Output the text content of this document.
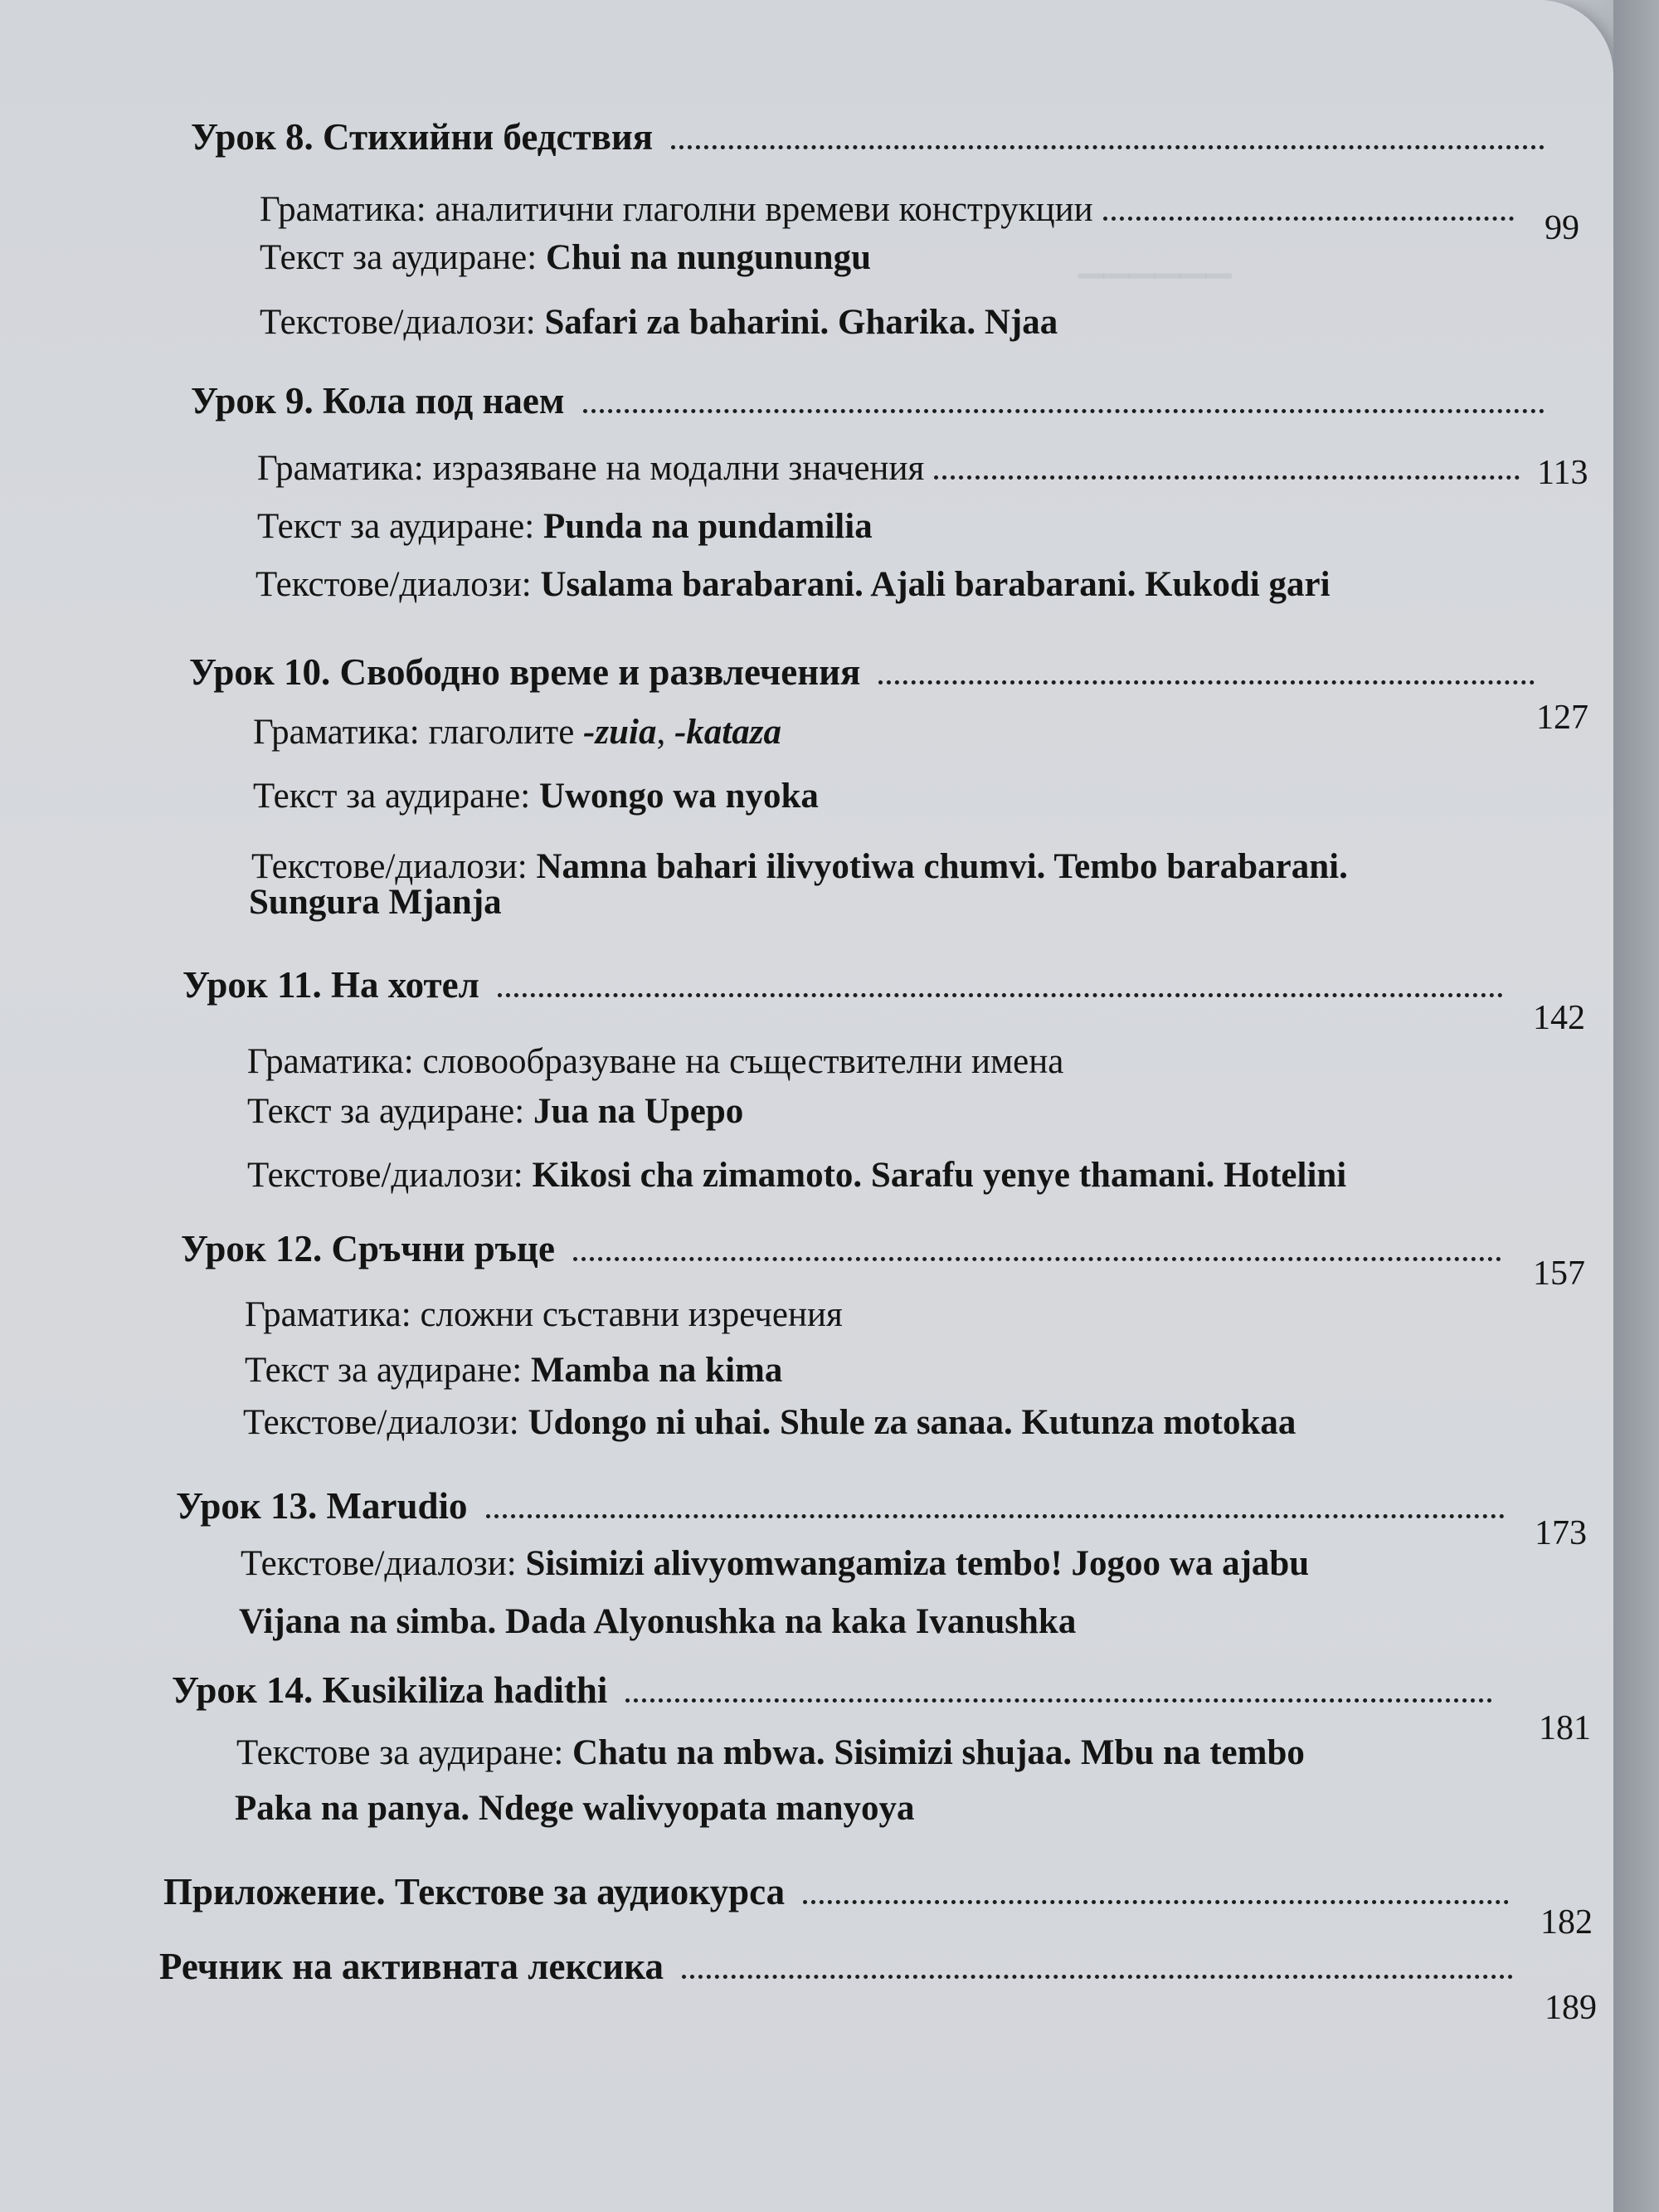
▔▔▔▔▔▔
Урок 8. Стихийни бедствия
Граматика:
аналитични глаголни времеви конструкции	99
Текст за аудиране: Chui na nungunungu
Текстове/диалози: Safari za baharini. Gharika. Njaa
Урок 9. Кола под наем
Граматика:
изразяване на модални значения	113
Текст за аудиране: Punda na pundamilia
Текстове/диалози: Usalama barabarani. Ajali barabarani. Kukodi gari
Урок 10. Свободно време и развлечения
127
Граматика: глаголите -zuia, -kataza
Текст за аудиране: Uwongo wa nyoka
Текстове/диалози: Namna bahari ilivyotiwa chumvi. Tembo barabarani.
Sungura Mjanja
Урок 11. На хотел
142
Граматика: словообразуване на съществителни имена
Текст за аудиране: Jua na Upepo
Текстове/диалози: Kikosi cha zimamoto. Sarafu yenye thamani. Hotelini
Урок 12. Сръчни ръце
157
Граматика: сложни съставни изречения
Текст за аудиране: Mamba na kima
Текстове/диалози: Udongo ni uhai. Shule za sanaa. Kutunza motokaa
Урок 13. Marudio
173
Текстове/диалози: Sisimizi alivyomwangamiza tembo! Jogoo wa ajabu
Vijana na simba. Dada Alyonushka na kaka Ivanushka
Урок 14. Kusikiliza hadithi
181
Текстове за аудиране: Chatu na mbwa. Sisimizi shujaa. Mbu na tembo
Paka na panya. Ndege walivyopata manyoya
Приложение. Текстове за аудиокурса
182
Речник на активната лексика
189
